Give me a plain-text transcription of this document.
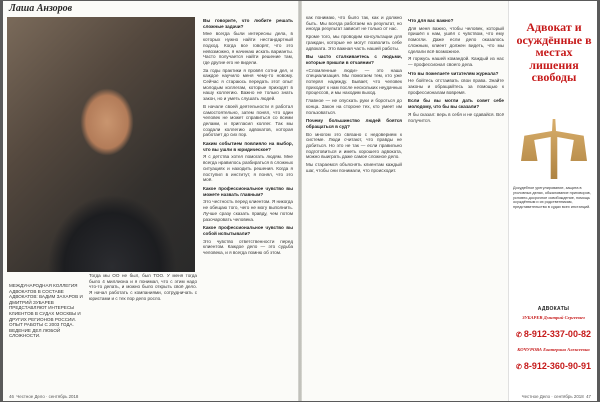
Лаша Анзоров
МЕЖДУНАРОДНАЯ КОЛЛЕГИЯ АДВОКАТОВ В СОСТАВЕ АДВОКАТОВ: ВАДИМ ЗАХАРОВ И ДМИТРИЙ ЗУБАРЕВ ПРЕДСТАВЛЯЮТ ИНТЕРЕСЫ КЛИЕНТОВ В СУДАХ МОСКВЫ И ДРУГИХ РЕГИОНОВ РОССИИ. ОПЫТ РАБОТЫ С 2003 ГОДА. ВЕДЕНИЕ ДЕЛ ЛЮБОЙ СЛОЖНОСТИ.

Тогда мы ОО не был, был ТОО. У меня тогда было 4 миллиона и я понимал, что с этим надо что-то делать, и можно было открыть своё дело. Я начал работать с компаниями, сотрудничать с юристами и с тех пор дело росло.

Вы говорите, что любите решать сложные задачи?

Мне всегда были интересны дела, в которых нужно найти нестандартный подход. Когда все говорят, что это невозможно, я начинаю искать варианты. Часто получается найти решение там, где другие его не видели.

За годы практики я провёл сотни дел, и каждое научило меня чему-то новому. Сейчас я стараюсь передать этот опыт молодым коллегам, которые приходят в нашу коллегию. Важно не только знать закон, но и уметь слушать людей.

В начале своей деятельности я работал самостоятельно, затем понял, что один человек не может справиться со всеми делами, и пригласил коллег. Так мы создали коллегию адвокатов, которая работает до сих пор.

Каким событием повлияло на выбор, что вы ушли в юридическое?

Я с детства хотел помогать людям. Мне всегда нравилось разбираться в сложных ситуациях и находить решения. Когда я поступил в институт, я понял, что это моё.

Какое профессиональное чувство вы можете назвать главным?

Это честность перед клиентом. Я никогда не обещаю того, чего не могу выполнить. Лучше сразу сказать правду, чем потом разочаровать человека.

Какое профессиональное чувство вы собой испытывали?

Это чувство ответственности перед клиентом. Каждое дело — это судьба человека, и я всегда помню об этом.

46 Честное Дело · сентябрь 2018

как понимаю, что было так, как и должно быть. Мы всегда работаем на результат, но иногда результат зависит не только от нас.

Кроме того, мы проводим консультации для граждан, которые не могут позволить себе адвоката. Это важная часть нашей работы.

Вы часто сталкиваетесь с людьми, которые пришли в отчаянии?

«Сломленные люди» — это наша специализация. Мы помогаем тем, кто уже потерял надежду. Бывает, что человек приходит к нам после нескольких неудачных процессов, и мы находим выход.

Главное — не опускать руки и бороться до конца. Закон на стороне тех, кто умеет им пользоваться.

Почему большинство людей боятся обращаться в суд?

Во многом это связано с недоверием к системе. Люди считают, что правды не добиться. Но это не так — если правильно подготовиться и иметь хорошего адвоката, можно выиграть даже самое сложное дело.

Мы стараемся объяснять клиентам каждый шаг, чтобы они понимали, что происходит.

Что для вас важно?

Для меня важно, чтобы человек, который пришёл к нам, ушёл с чувством, что ему помогли. Даже если дело оказалось сложным, клиент должен видеть, что мы сделали всё возможное.

Я горжусь нашей командой. Каждый из нас — профессионал своего дела.

Что вы пожелаете читателям журнала?

Не бойтесь отстаивать свои права. Знайте законы и обращайтесь за помощью к профессионалам вовремя.

Если бы вы могли дать совет себе молодому, что бы вы сказали?

Я бы сказал: верь в себя и не сдавайся. Всё получится.

Адвокат и осуждённые в местах лишения свободы
Досудебное урегулирование, защита в уголовных делах, обжалование приговоров, условно-досрочное освобождение, помощь осуждённым и их родственникам, представительство в судах всех инстанций.
АДВОКАТЫ
ЗУБАРЕВ Дмитрий Сергеевич
✆ 8-912-337-00-82
КОЧУРОВА Екатерина Алексеевна
✆ 8-912-360-90-91
Честное Дело · сентябрь 2018 47
